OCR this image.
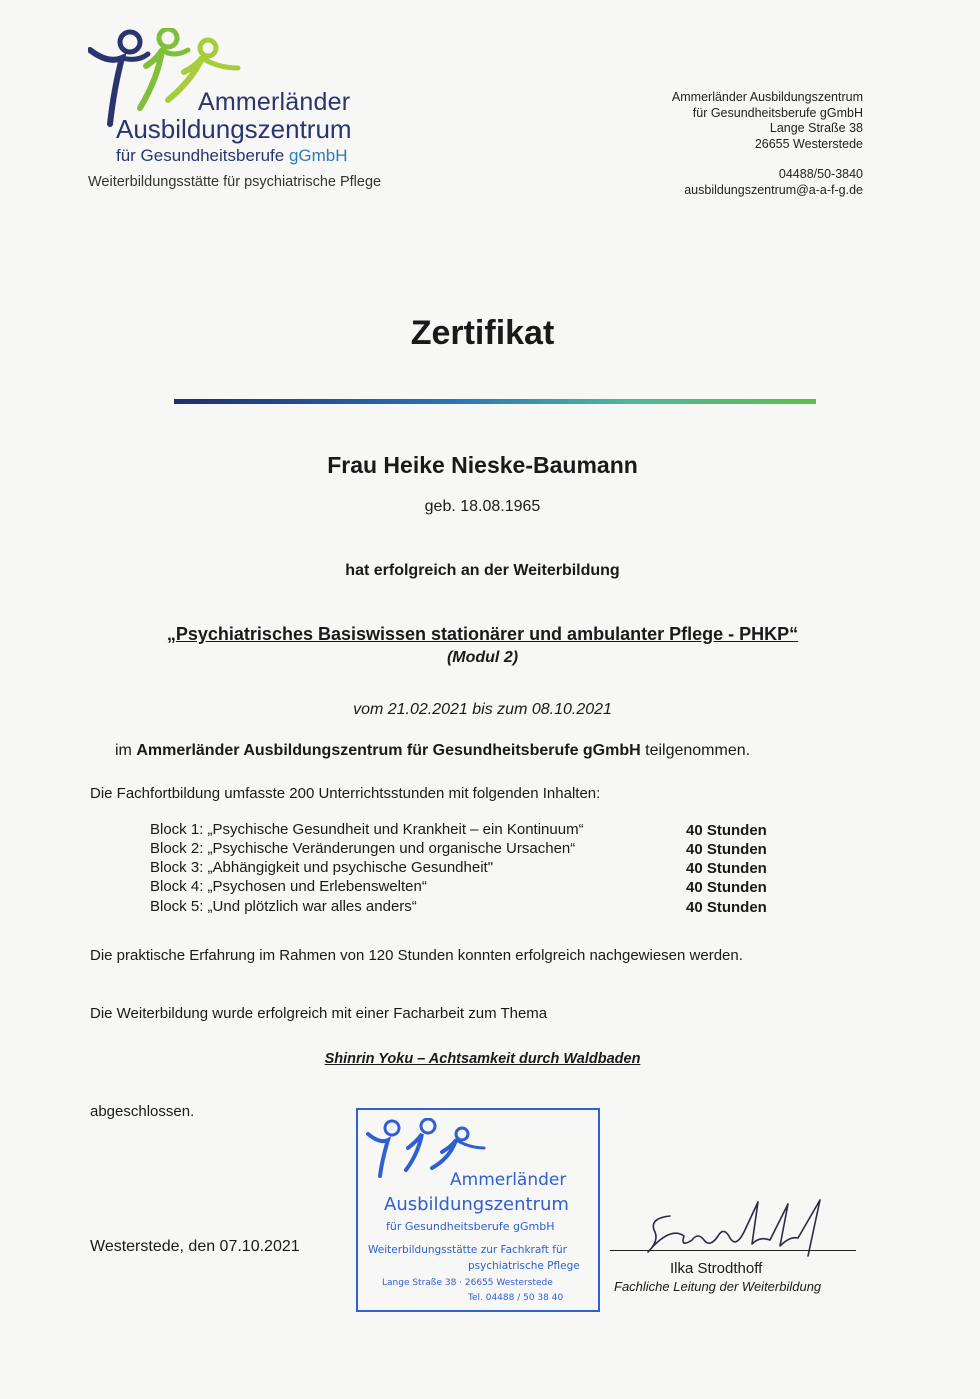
Ammerländer
Ausbildungszentrum
für Gesundheitsberufe gGmbH
Weiterbildungsstätte für psychiatrische Pflege
Ammerländer Ausbildungszentrum
für Gesundheitsberufe gGmbH
Lange Straße 38
26655 Westerstede
04488/50-3840
ausbildungszentrum@a-a-f-g.de
Zertifikat
Frau Heike Nieske-Baumann
geb. 18.08.1965
hat erfolgreich an der Weiterbildung
„Psychiatrisches Basiswissen stationärer und ambulanter Pflege - PHKP“
(Modul 2)
vom 21.02.2021 bis zum 08.10.2021
im Ammerländer Ausbildungszentrum für Gesundheitsberufe gGmbH teilgenommen.
Die Fachfortbildung umfasste 200 Unterrichtsstunden mit folgenden Inhalten:
Block 1: „Psychische Gesundheit und Krankheit – ein Kontinuum“	40 Stunden
Block 2: „Psychische Veränderungen und organische Ursachen“	40 Stunden
Block 3: „Abhängigkeit und psychische Gesundheit"	40 Stunden
Block 4: „Psychosen und Erlebenswelten“	40 Stunden
Block 5: „Und plötzlich war alles anders“	40 Stunden
Die praktische Erfahrung im Rahmen von 120 Stunden konnten erfolgreich nachgewiesen werden.
Die Weiterbildung wurde erfolgreich mit einer Facharbeit zum Thema
Shinrin Yoku – Achtsamkeit durch Waldbaden
abgeschlossen.
Westerstede, den 07.10.2021
Ammerländer
Ausbildungszentrum
für Gesundheitsberufe gGmbH
Weiterbildungsstätte zur Fachkraft für
psychiatrische Pflege
Lange Straße 38 · 26655 Westerstede
Tel. 04488 / 50 38 40
Ilka Strodthoff
Fachliche Leitung der Weiterbildung
